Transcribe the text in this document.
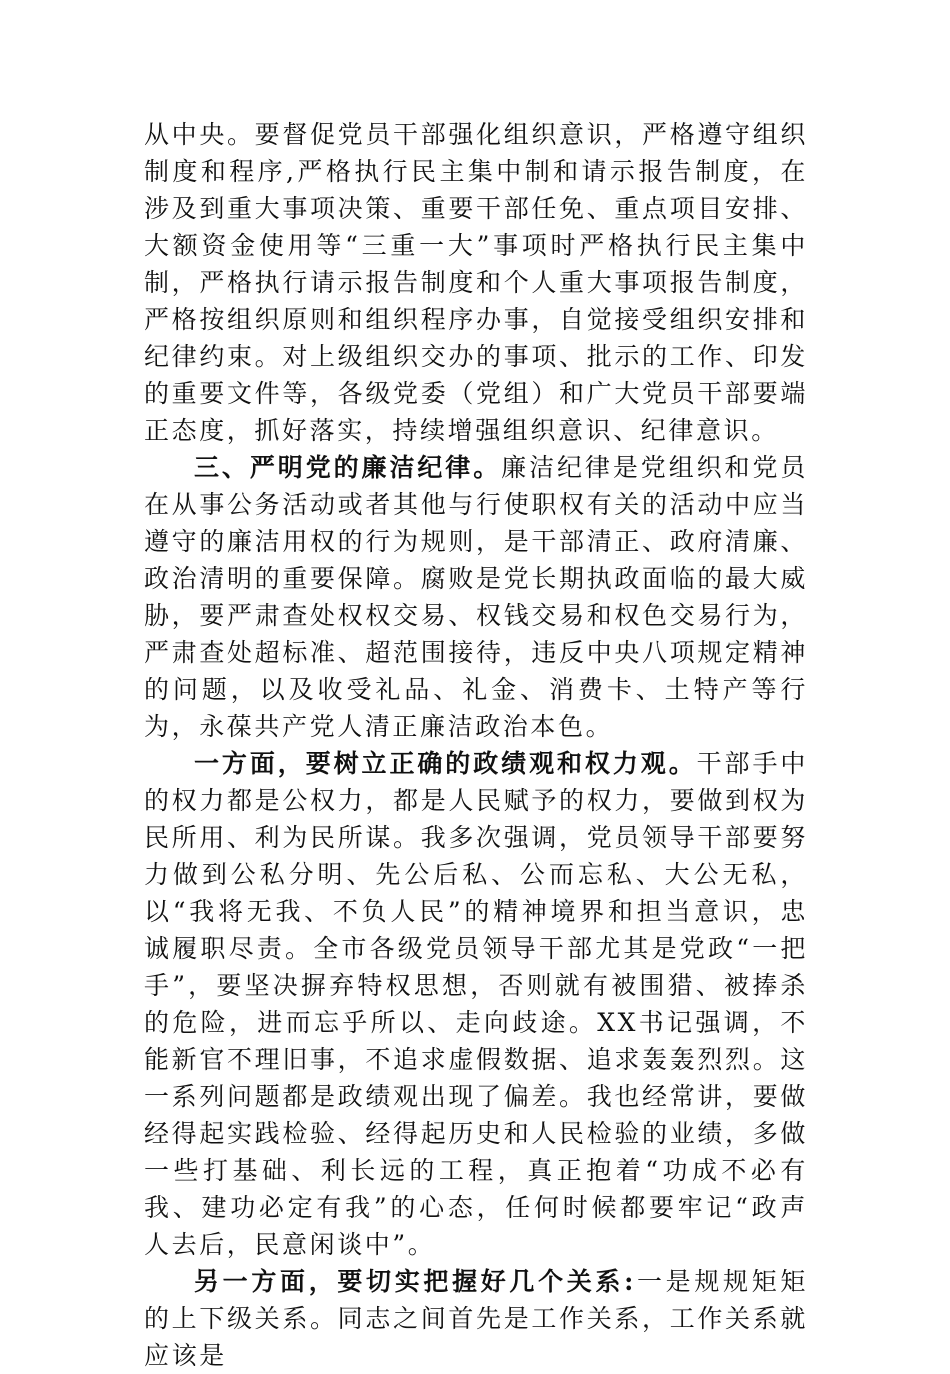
从中央。要督促党员干部强化组织意识，严格遵守组织制度和程序,严格执行民主集中制和请示报告制度，在涉及到重大事项决策、重要干部任免、重点项目安排、大额资金使用等“三重一大”事项时严格执行民主集中制，严格执行请示报告制度和个人重大事项报告制度，严格按组织原则和组织程序办事，自觉接受组织安排和纪律约束。对上级组织交办的事项、批示的工作、印发的重要文件等，各级党委（党组）和广大党员干部要端正态度，抓好落实，持续增强组织意识、纪律意识。

三、严明党的廉洁纪律。廉洁纪律是党组织和党员在从事公务活动或者其他与行使职权有关的活动中应当遵守的廉洁用权的行为规则，是干部清正、政府清廉、政治清明的重要保障。腐败是党长期执政面临的最大威胁，要严肃查处权权交易、权钱交易和权色交易行为，严肃查处超标准、超范围接待，违反中央八项规定精神的问题，以及收受礼品、礼金、消费卡、土特产等行为，永葆共产党人清正廉洁政治本色。

一方面，要树立正确的政绩观和权力观。干部手中的权力都是公权力，都是人民赋予的权力，要做到权为民所用、利为民所谋。我多次强调，党员领导干部要努力做到公私分明、先公后私、公而忘私、大公无私，以“我将无我、不负人民”的精神境界和担当意识，忠诚履职尽责。全市各级党员领导干部尤其是党政“一把手”，要坚决摒弃特权思想，否则就有被围猎、被捧杀的危险，进而忘乎所以、走向歧途。XX书记强调，不能新官不理旧事，不追求虚假数据、追求轰轰烈烈。这一系列问题都是政绩观出现了偏差。我也经常讲，要做经得起实践检验、经得起历史和人民检验的业绩，多做一些打基础、利长远的工程，真正抱着“功成不必有我、建功必定有我”的心态，任何时候都要牢记“政声人去后，民意闲谈中”。

另一方面，要切实把握好几个关系:一是规规矩矩的上下级关系。同志之间首先是工作关系，工作关系就应该是
